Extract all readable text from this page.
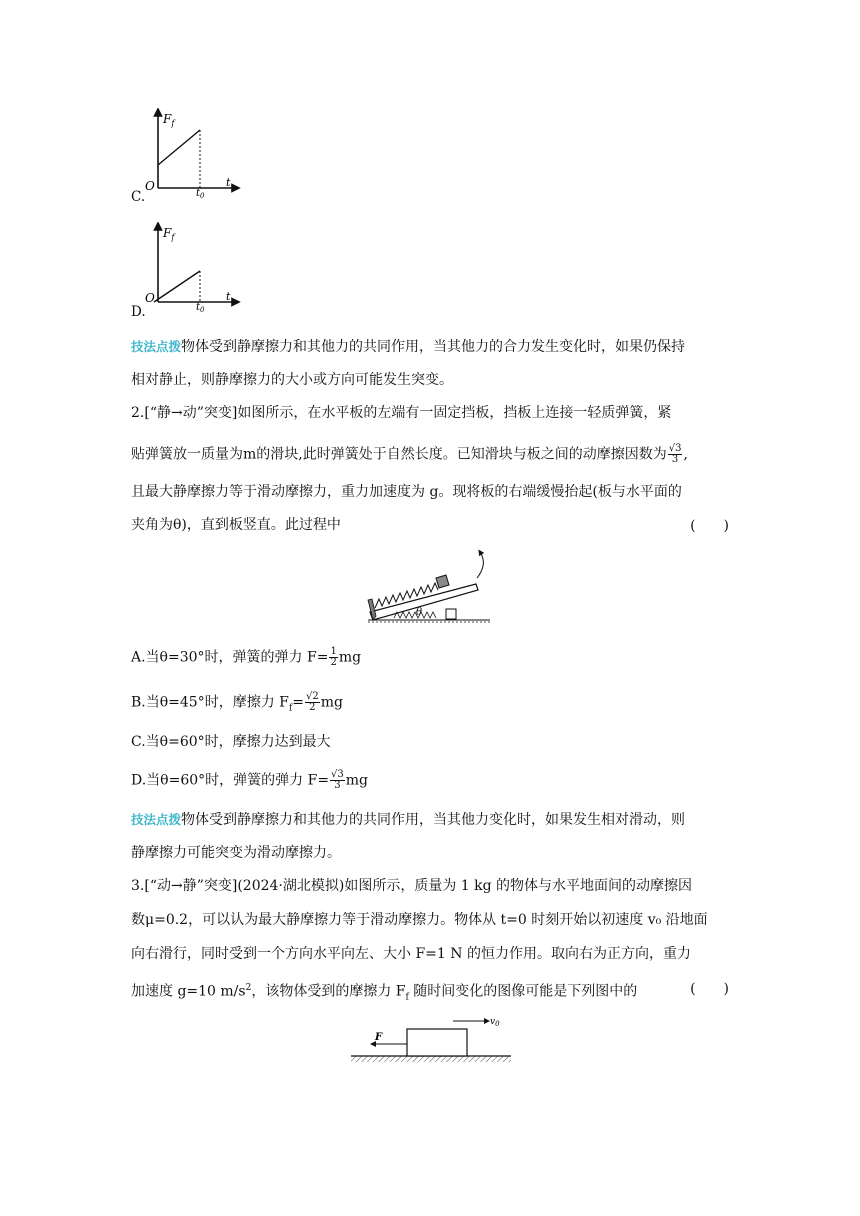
$F_f$
O
$t_0$
t
C.
$F_f$
O
$t_0$
t
D.
技法点拨物体受到静摩擦力和其他力的共同作用，当其他力的合力发生变化时，如果仍保持
相对静止，则静摩擦力的大小或方向可能发生突变。
2.[“静→动”突变]如图所示，在水平板的左端有一固定挡板，挡板上连接一轻质弹簧，紧
贴弹簧放一质量为m的滑块,此时弹簧处于自然长度。已知滑块与板之间的动摩擦因数为 $\frac{√3}{3}$ ,
且最大静摩擦力等于滑动摩擦力，重力加速度为 g。现将板的右端缓慢抬起(板与水平面的
夹角为θ)，直到板竖直。此过程中	(　　)
θ
A.当θ=30°时，弹簧的弹力 $F= \frac{1}{2}$ mg
B.当θ=45°时，摩擦力 $F_f= \frac{√2}{2}$ mg
C.当θ=60°时，摩擦力达到最大
D.当θ=60°时，弹簧的弹力 $F= \frac{√3}{3}$ mg
技法点拨物体受到静摩擦力和其他力的共同作用，当其他力变化时，如果发生相对滑动，则
静摩擦力可能突变为滑动摩擦力。
3.[“动→静”突变](2024·湖北模拟)如图所示，质量为 1 kg 的物体与水平地面间的动摩擦因
数μ=0.2，可以认为最大静摩擦力等于滑动摩擦力。物体从 t=0 时刻开始以初速度 v₀ 沿地面
向右滑行，同时受到一个方向水平向左、大小 F=1 N 的恒力作用。取向右为正方向，重力
加速度 g=10 $m/s^2$，该物体受到的摩擦力 $F_f$ 随时间变化的图像可能是下列图中的	(　　)
F
$v_0$
